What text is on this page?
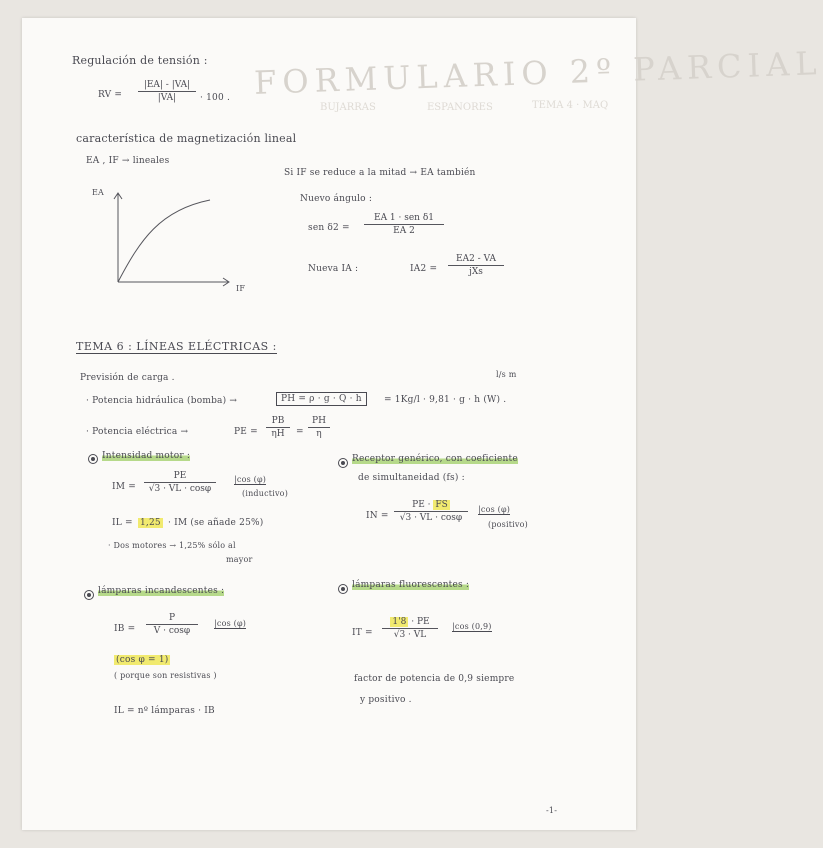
FORMULARIO 2º PARCIAL
BUJARRAS	ESPANORES	TEMA 4 · MAQ
Regulación de tensión :
RV = $\frac{|EA| - |VA|}{|VA|} \cdot 100$ .
característica de magnetización lineal
EA , IF → lineales
EA
IF
Si IF se reduce a la mitad → EA también
Nuevo ángulo :
sen δ2 =
EA 1 · sen δ1
EA 2
Nueva IA :	IA2 =
EA2 - VA
jXs
TEMA 6 : LÍNEAS ELÉCTRICAS :
Previsión de carga .	l/s m
· Potencia hidráulica (bomba) →	PH = ρ · g · Q · h	= 1Kg/l · 9,81 · g · h (W) .
· Potencia eléctrica →	PE = $\frac{PB}{\eta H} = \frac{PH}{\eta}$
Intensidad motor :
IM = $\frac{PE}{√3 \cdot VL \cdot \cos\varphi} |\cos$ (φ)
(inductivo)
IL = 1,25 · IM (se añade 25%)
· Dos motores → 1,25% sólo al
mayor
Receptor genérico, con coeficiente
de simultaneidad (fs) :
IN = $\frac{PE \cdot FS}{√3 \cdot VL \cdot \cos\varphi} |\cos$ (φ)
(positivo)
lámparas incandescentes :
IB = $\frac{P}{V \cdot \cos\varphi} |\cos$ (φ)
(cos φ = 1)
( porque son resistivas )
IL = nº lámparas · IB
lámparas fluorescentes :
IT = $\frac{1'8 \cdot PE}{√3 \cdot VL} |\cos$ (0,9)
factor de potencia de 0,9 siempre
y positivo .
-1-
